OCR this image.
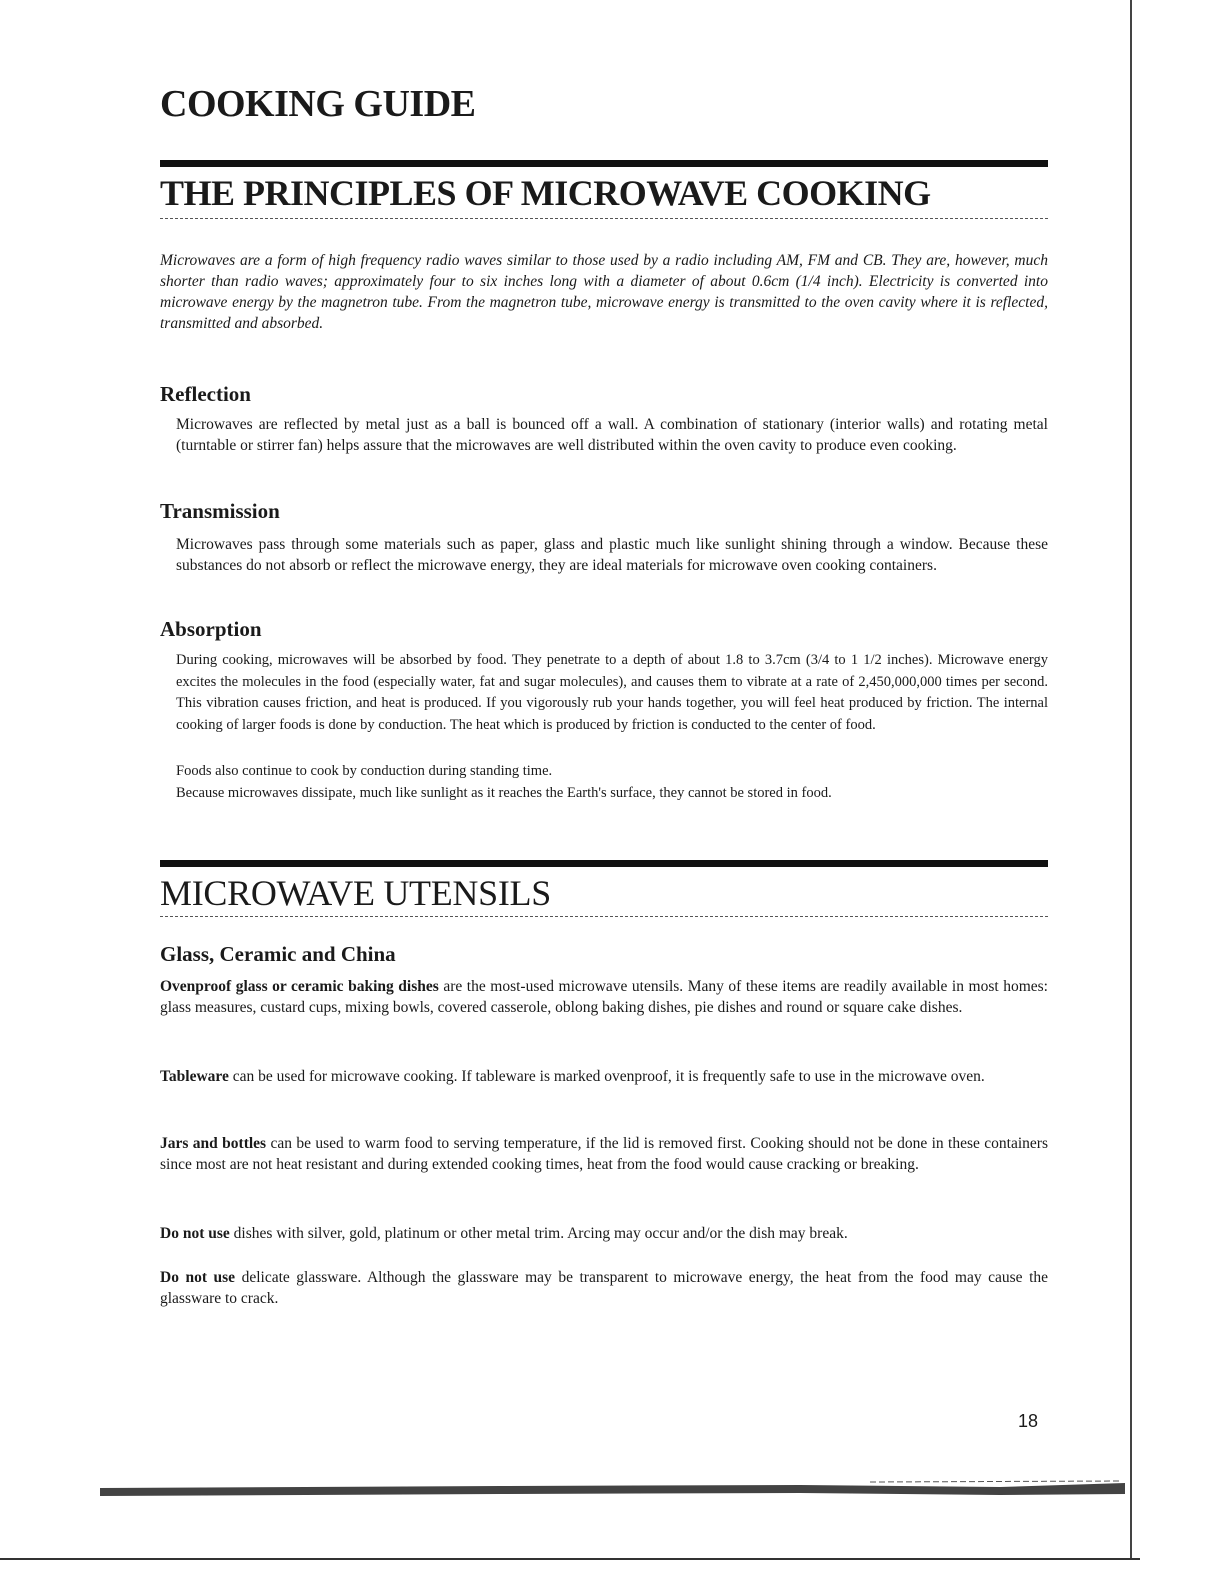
COOKING GUIDE
THE PRINCIPLES OF MICROWAVE COOKING

Microwaves are a form of high frequency radio waves similar to those used by a radio including AM, FM and CB. They are, however, much shorter than radio waves; approximately four to six inches long with a diameter of about 0.6cm (1/4 inch). Electricity is converted into microwave energy by the magnetron tube. From the magnetron tube, microwave energy is transmitted to the oven cavity where it is reflected, transmitted and absorbed.

Reflection

Microwaves are reflected by metal just as a ball is bounced off a wall. A combination of stationary (interior walls) and rotating metal (turntable or stirrer fan) helps assure that the microwaves are well distributed within the oven cavity to produce even cooking.

Transmission

Microwaves pass through some materials such as paper, glass and plastic much like sunlight shining through a window. Because these substances do not absorb or reflect the microwave energy, they are ideal materials for microwave oven cooking containers.

Absorption

During cooking, microwaves will be absorbed by food. They penetrate to a depth of about 1.8 to 3.7cm (3/4 to 1 1/2 inches). Microwave energy excites the molecules in the food (especially water, fat and sugar molecules), and causes them to vibrate at a rate of 2,450,000,000 times per second. This vibration causes friction, and heat is produced. If you vigorously rub your hands together, you will feel heat produced by friction. The internal cooking of larger foods is done by conduction. The heat which is produced by friction is conducted to the center of food.

Foods also continue to cook by conduction during standing time.

Because microwaves dissipate, much like sunlight as it reaches the Earth's surface, they cannot be stored in food.

MICROWAVE UTENSILS
Glass, Ceramic and China

Ovenproof glass or ceramic baking dishes are the most-used microwave utensils. Many of these items are readily available in most homes: glass measures, custard cups, mixing bowls, covered casserole, oblong baking dishes, pie dishes and round or square cake dishes.

Tableware can be used for microwave cooking. If tableware is marked ovenproof, it is frequently safe to use in the microwave oven.

Jars and bottles can be used to warm food to serving temperature, if the lid is removed first. Cooking should not be done in these containers since most are not heat resistant and during extended cooking times, heat from the food would cause cracking or breaking.

Do not use dishes with silver, gold, platinum or other metal trim. Arcing may occur and/or the dish may break.

Do not use delicate glassware. Although the glassware may be transparent to microwave energy, the heat from the food may cause the glassware to crack.

18
